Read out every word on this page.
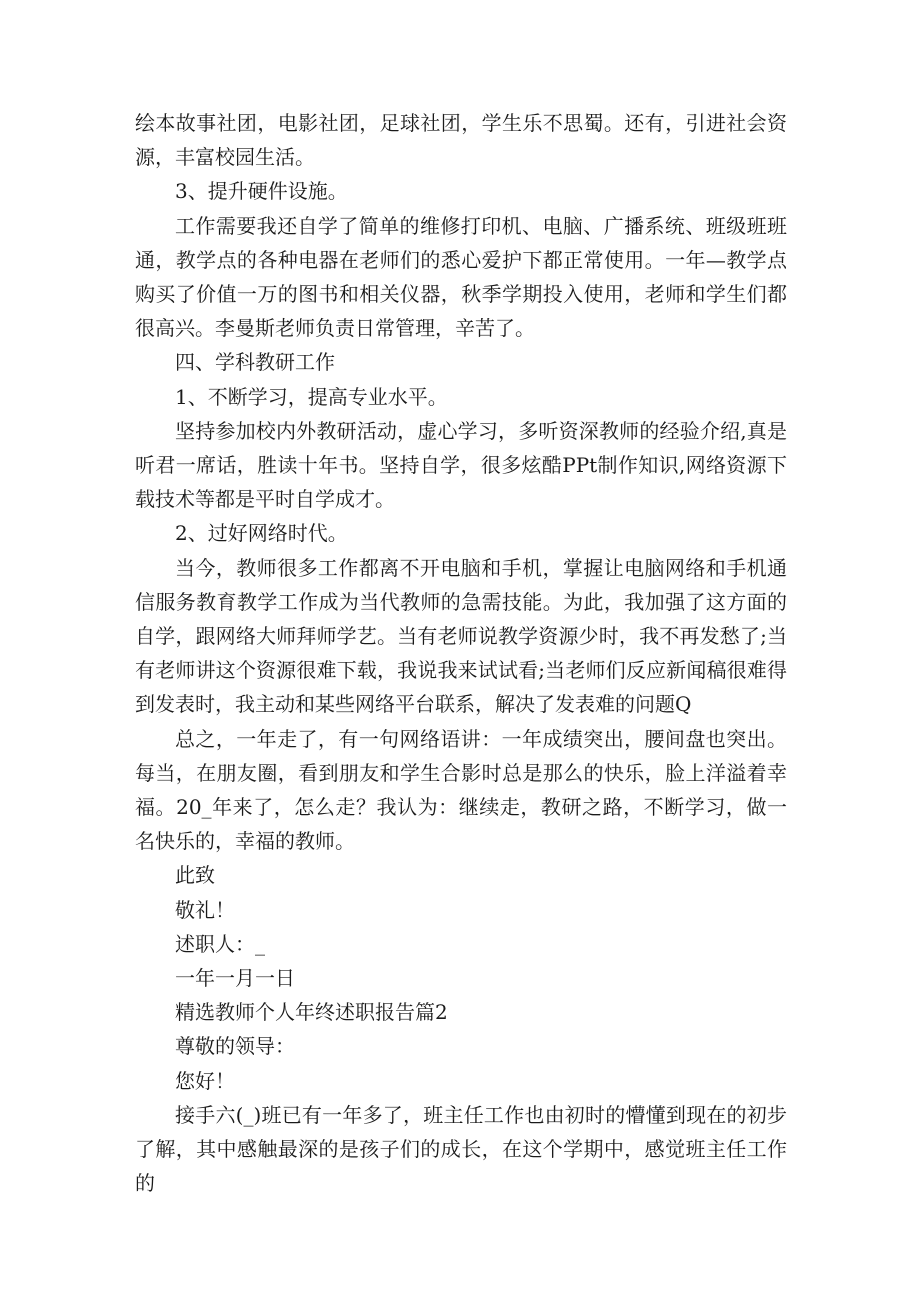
绘本故事社团，电影社团，足球社团，学生乐不思蜀。还有，引进社会资源，丰富校园生活。

3、提升硬件设施。

工作需要我还自学了简单的维修打印机、电脑、广播系统、班级班班通，教学点的各种电器在老师们的悉心爱护下都正常使用。一年—教学点购买了价值一万的图书和相关仪器，秋季学期投入使用，老师和学生们都很高兴。李曼斯老师负责日常管理，辛苦了。

四、学科教研工作

1、不断学习，提高专业水平。

坚持参加校内外教研活动，虚心学习，多听资深教师的经验介绍,真是听君一席话，胜读十年书。坚持自学，很多炫酷PPt制作知识,网络资源下载技术等都是平时自学成才。

2、过好网络时代。

当今，教师很多工作都离不开电脑和手机，掌握让电脑网络和手机通信服务教育教学工作成为当代教师的急需技能。为此，我加强了这方面的自学，跟网络大师拜师学艺。当有老师说教学资源少时，我不再发愁了;当有老师讲这个资源很难下载，我说我来试试看;当老师们反应新闻稿很难得到发表时，我主动和某些网络平台联系，解决了发表难的问题Q

总之，一年走了，有一句网络语讲：一年成绩突出，腰间盘也突出。每当，在朋友圈，看到朋友和学生合影时总是那么的快乐，脸上洋溢着幸福。20_年来了，怎么走？我认为：继续走，教研之路，不断学习，做一名快乐的，幸福的教师。

此致

敬礼！

述职人：_

一年一月一日

精选教师个人年终述职报告篇2

尊敬的领导：

您好！

接手六(_)班已有一年多了，班主任工作也由初时的懵懂到现在的初步了解，其中感触最深的是孩子们的成长，在这个学期中，感觉班主任工作的
